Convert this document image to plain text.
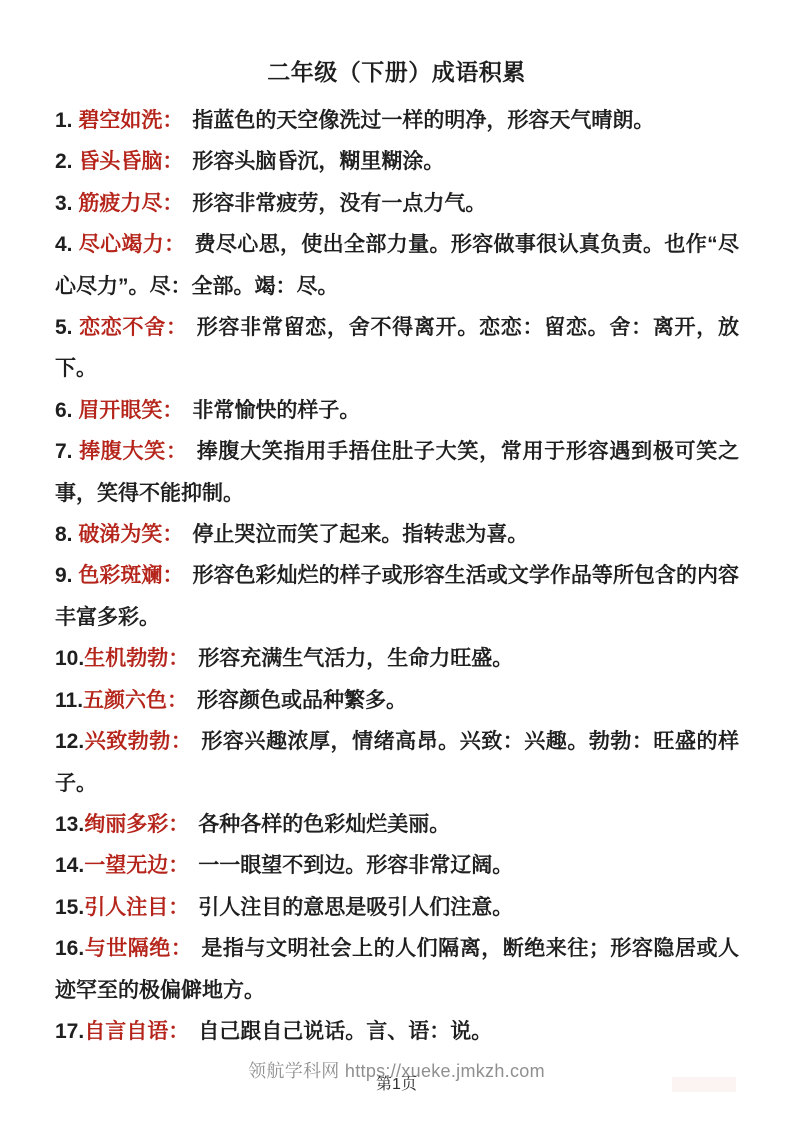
二年级（下册）成语积累

1. 碧空如洗： 指蓝色的天空像洗过一样的明净，形容天气晴朗。

2. 昏头昏脑： 形容头脑昏沉，糊里糊涂。

3. 筋疲力尽： 形容非常疲劳，没有一点力气。

4. 尽心竭力： 费尽心思，使出全部力量。形容做事很认真负责。也作“尽心尽力”。尽：全部。竭：尽。

5. 恋恋不舍： 形容非常留恋，舍不得离开。恋恋：留恋。舍：离开，放下。

6. 眉开眼笑： 非常愉快的样子。

7. 捧腹大笑： 捧腹大笑指用手捂住肚子大笑，常用于形容遇到极可笑之事，笑得不能抑制。

8. 破涕为笑： 停止哭泣而笑了起来。指转悲为喜。

9. 色彩斑斓： 形容色彩灿烂的样子或形容生活或文学作品等所包含的内容丰富多彩。

10.生机勃勃： 形容充满生气活力，生命力旺盛。

11.五颜六色： 形容颜色或品种繁多。

12.兴致勃勃： 形容兴趣浓厚，情绪高昂。兴致：兴趣。勃勃：旺盛的样子。

13.绚丽多彩： 各种各样的色彩灿烂美丽。

14.一望无边： 一一眼望不到边。形容非常辽阔。

15.引人注目： 引人注目的意思是吸引人们注意。

16.与世隔绝： 是指与文明社会上的人们隔离，断绝来往；形容隐居或人迹罕至的极偏僻地方。

17.自言自语： 自己跟自己说话。言、语：说。

领航学科网 https://xueke.jmkzh.com
第1页
